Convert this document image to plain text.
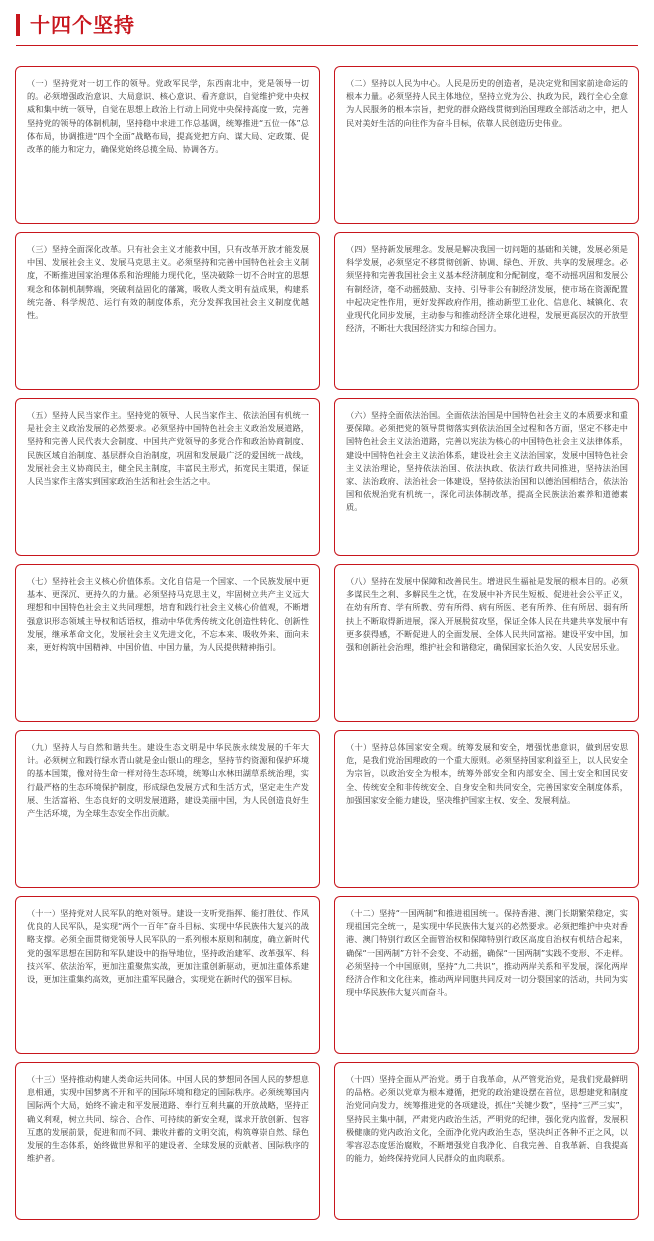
十四个坚持

（一）坚持党对一切工作的领导。党政军民学，东西南北中，党是领导一切的。必须增强政治意识、大局意识、核心意识、看齐意识，自觉维护党中央权威和集中统一领导，自觉在思想上政治上行动上同党中央保持高度一致，完善坚持党的领导的体制机制，坚持稳中求进工作总基调，统筹推进“五位一体”总体布局，协调推进“四个全面”战略布局，提高党把方向、谋大局、定政策、促改革的能力和定力，确保党始终总揽全局、协调各方。

（二）坚持以人民为中心。人民是历史的创造者，是决定党和国家前途命运的根本力量。必须坚持人民主体地位，坚持立党为公、执政为民，践行全心全意为人民服务的根本宗旨，把党的群众路线贯彻到治国理政全部活动之中，把人民对美好生活的向往作为奋斗目标，依靠人民创造历史伟业。

（三）坚持全面深化改革。只有社会主义才能救中国，只有改革开放才能发展中国、发展社会主义、发展马克思主义。必须坚持和完善中国特色社会主义制度，不断推进国家治理体系和治理能力现代化，坚决破除一切不合时宜的思想观念和体制机制弊端，突破利益固化的藩篱，吸收人类文明有益成果，构建系统完备、科学规范、运行有效的制度体系，充分发挥我国社会主义制度优越性。

（四）坚持新发展理念。发展是解决我国一切问题的基础和关键，发展必须是科学发展，必须坚定不移贯彻创新、协调、绿色、开放、共享的发展理念。必须坚持和完善我国社会主义基本经济制度和分配制度，毫不动摇巩固和发展公有制经济，毫不动摇鼓励、支持、引导非公有制经济发展，使市场在资源配置中起决定性作用，更好发挥政府作用，推动新型工业化、信息化、城镇化、农业现代化同步发展，主动参与和推动经济全球化进程，发展更高层次的开放型经济，不断壮大我国经济实力和综合国力。

（五）坚持人民当家作主。坚持党的领导、人民当家作主、依法治国有机统一是社会主义政治发展的必然要求。必须坚持中国特色社会主义政治发展道路，坚持和完善人民代表大会制度、中国共产党领导的多党合作和政治协商制度、民族区域自治制度、基层群众自治制度，巩固和发展最广泛的爱国统一战线，发展社会主义协商民主，健全民主制度，丰富民主形式，拓宽民主渠道，保证人民当家作主落实到国家政治生活和社会生活之中。

（六）坚持全面依法治国。全面依法治国是中国特色社会主义的本质要求和重要保障。必须把党的领导贯彻落实到依法治国全过程和各方面，坚定不移走中国特色社会主义法治道路，完善以宪法为核心的中国特色社会主义法律体系，建设中国特色社会主义法治体系，建设社会主义法治国家，发展中国特色社会主义法治理论，坚持依法治国、依法执政、依法行政共同推进，坚持法治国家、法治政府、法治社会一体建设，坚持依法治国和以德治国相结合，依法治国和依规治党有机统一，深化司法体制改革，提高全民族法治素养和道德素质。

（七）坚持社会主义核心价值体系。文化自信是一个国家、一个民族发展中更基本、更深沉、更持久的力量。必须坚持马克思主义，牢固树立共产主义远大理想和中国特色社会主义共同理想，培育和践行社会主义核心价值观，不断增强意识形态领域主导权和话语权，推动中华优秀传统文化创造性转化、创新性发展，继承革命文化，发展社会主义先进文化，不忘本来、吸收外来、面向未来，更好构筑中国精神、中国价值、中国力量，为人民提供精神指引。

（八）坚持在发展中保障和改善民生。增进民生福祉是发展的根本目的。必须多谋民生之利、多解民生之忧，在发展中补齐民生短板、促进社会公平正义，在幼有所育、学有所教、劳有所得、病有所医、老有所养、住有所居、弱有所扶上不断取得新进展，深入开展脱贫攻坚，保证全体人民在共建共享发展中有更多获得感，不断促进人的全面发展、全体人民共同富裕。建设平安中国，加强和创新社会治理，维护社会和谐稳定，确保国家长治久安、人民安居乐业。

（九）坚持人与自然和谐共生。建设生态文明是中华民族永续发展的千年大计。必须树立和践行绿水青山就是金山银山的理念，坚持节约资源和保护环境的基本国策，像对待生命一样对待生态环境，统筹山水林田湖草系统治理，实行最严格的生态环境保护制度，形成绿色发展方式和生活方式，坚定走生产发展、生活富裕、生态良好的文明发展道路，建设美丽中国，为人民创造良好生产生活环境，为全球生态安全作出贡献。

（十）坚持总体国家安全观。统筹发展和安全，增强忧患意识，做到居安思危，是我们党治国理政的一个重大原则。必须坚持国家利益至上，以人民安全为宗旨，以政治安全为根本，统筹外部安全和内部安全、国土安全和国民安全、传统安全和非传统安全、自身安全和共同安全，完善国家安全制度体系，加强国家安全能力建设，坚决维护国家主权、安全、发展利益。

（十一）坚持党对人民军队的绝对领导。建设一支听党指挥、能打胜仗、作风优良的人民军队，是实现“两个一百年”奋斗目标、实现中华民族伟大复兴的战略支撑。必须全面贯彻党领导人民军队的一系列根本原则和制度，确立新时代党的强军思想在国防和军队建设中的指导地位，坚持政治建军、改革强军、科技兴军、依法治军，更加注重聚焦实战，更加注重创新驱动，更加注重体系建设，更加注重集约高效，更加注重军民融合，实现党在新时代的强军目标。

（十二）坚持“一国两制”和推进祖国统一。保持香港、澳门长期繁荣稳定，实现祖国完全统一，是实现中华民族伟大复兴的必然要求。必须把维护中央对香港、澳门特别行政区全面管治权和保障特别行政区高度自治权有机结合起来，确保“一国两制”方针不会变、不动摇，确保“一国两制”实践不变形、不走样。必须坚持一个中国原则，坚持“九二共识”，推动两岸关系和平发展，深化两岸经济合作和文化往来，推动两岸同胞共同反对一切分裂国家的活动，共同为实现中华民族伟大复兴而奋斗。

（十三）坚持推动构建人类命运共同体。中国人民的梦想同各国人民的梦想息息相通，实现中国梦离不开和平的国际环境和稳定的国际秩序。必须统筹国内国际两个大局，始终不渝走和平发展道路、奉行互利共赢的开放战略，坚持正确义利观，树立共同、综合、合作、可持续的新安全观，谋求开放创新、包容互惠的发展前景，促进和而不同、兼收并蓄的文明交流，构筑尊崇自然、绿色发展的生态体系，始终做世界和平的建设者、全球发展的贡献者、国际秩序的维护者。

（十四）坚持全面从严治党。勇于自我革命，从严管党治党，是我们党最鲜明的品格。必须以党章为根本遵循，把党的政治建设摆在首位，思想建党和制度治党同向发力，统筹推进党的各项建设，抓住“关键少数”，坚持“三严三实”，坚持民主集中制，严肃党内政治生活，严明党的纪律，强化党内监督，发展积极健康的党内政治文化，全面净化党内政治生态，坚决纠正各种不正之风，以零容忍态度惩治腐败，不断增强党自我净化、自我完善、自我革新、自我提高的能力，始终保持党同人民群众的血肉联系。
